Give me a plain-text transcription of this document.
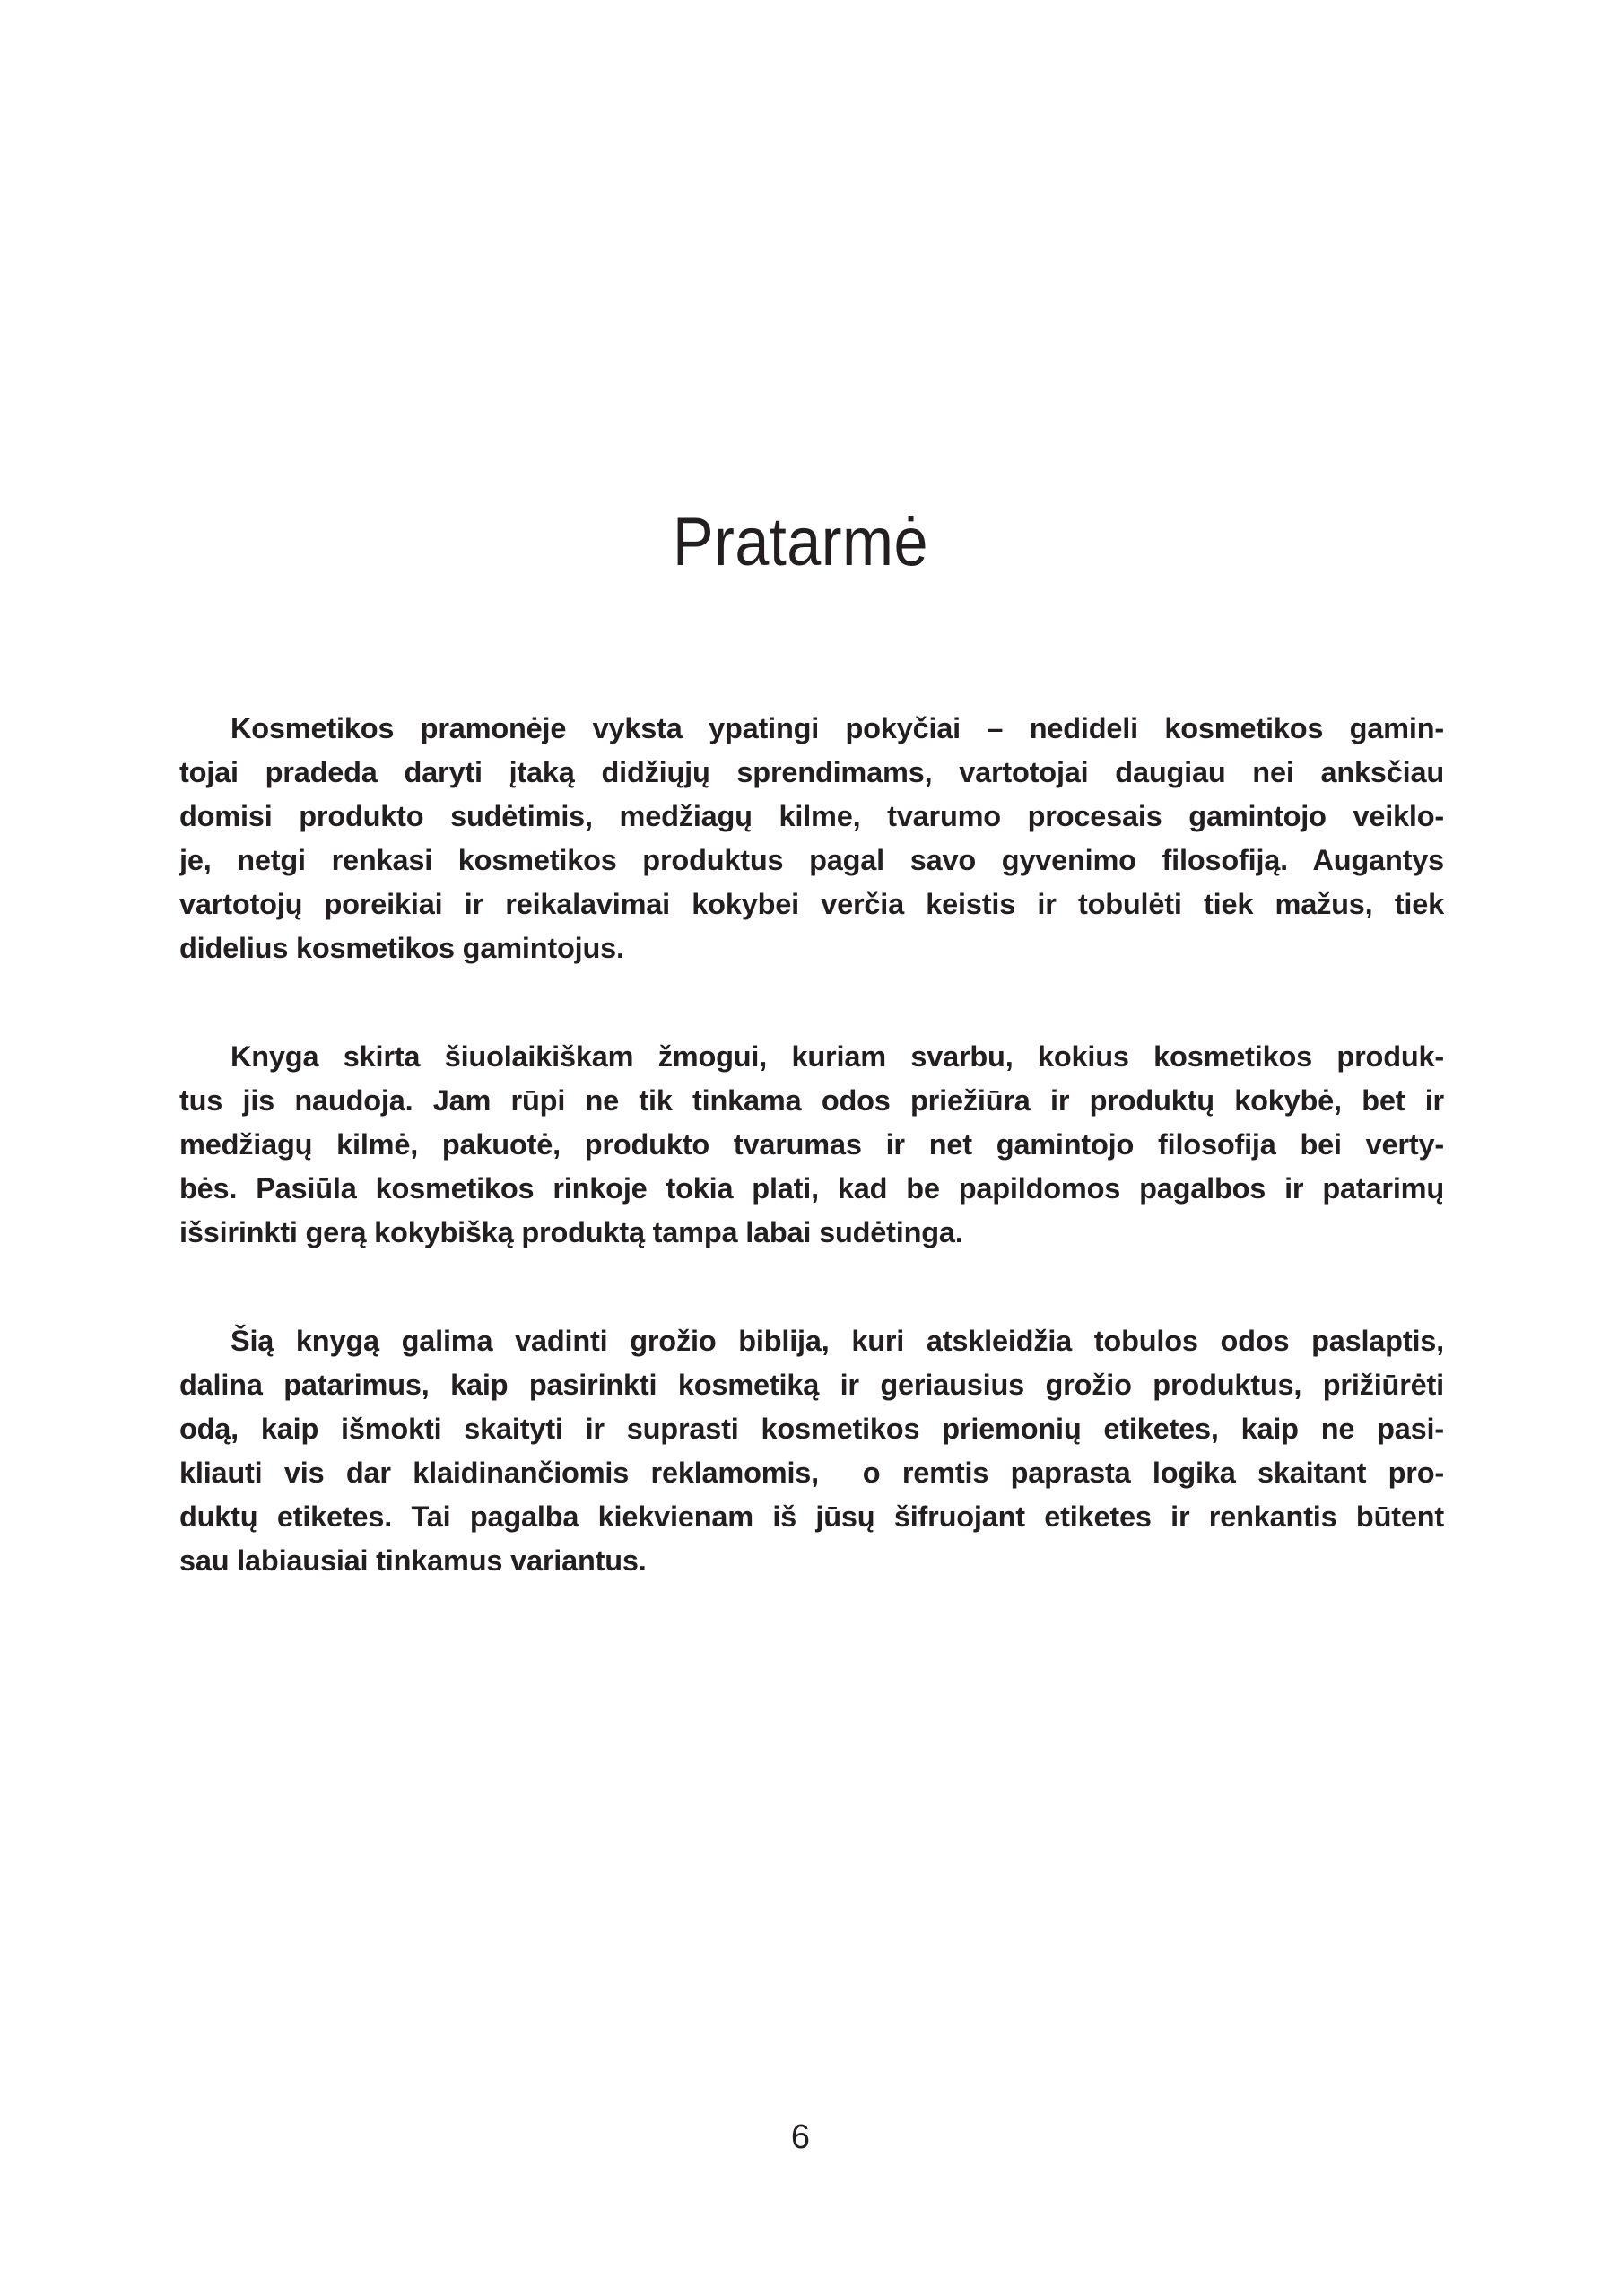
Pratarmė
Kosmetikos pramonėje vyksta ypatingi pokyčiai – nedideli kosmetikos gamin-
tojai pradeda daryti įtaką didžiųjų sprendimams, vartotojai daugiau nei anksčiau
domisi produkto sudėtimis, medžiagų kilme, tvarumo procesais gamintojo veiklo-
je, netgi renkasi kosmetikos produktus pagal savo gyvenimo filosofiją. Augantys
vartotojų poreikiai ir reikalavimai kokybei verčia keistis ir tobulėti tiek mažus, tiek
didelius kosmetikos gamintojus.
Knyga skirta šiuolaikiškam žmogui, kuriam svarbu, kokius kosmetikos produk-
tus jis naudoja. Jam rūpi ne tik tinkama odos priežiūra ir produktų kokybė, bet ir
medžiagų kilmė, pakuotė, produkto tvarumas ir net gamintojo filosofija bei verty-
bės. Pasiūla kosmetikos rinkoje tokia plati, kad be papildomos pagalbos ir patarimų
išsirinkti gerą kokybišką produktą tampa labai sudėtinga.
Šią knygą galima vadinti grožio biblija, kuri atskleidžia tobulos odos paslaptis,
dalina patarimus, kaip pasirinkti kosmetiką ir geriausius grožio produktus, prižiūrėti
odą, kaip išmokti skaityti ir suprasti kosmetikos priemonių etiketes, kaip ne pasi-
kliauti vis dar klaidinančiomis reklamomis,  o remtis paprasta logika skaitant pro-
duktų etiketes. Tai pagalba kiekvienam iš jūsų šifruojant etiketes ir renkantis būtent
sau labiausiai tinkamus variantus.
6
